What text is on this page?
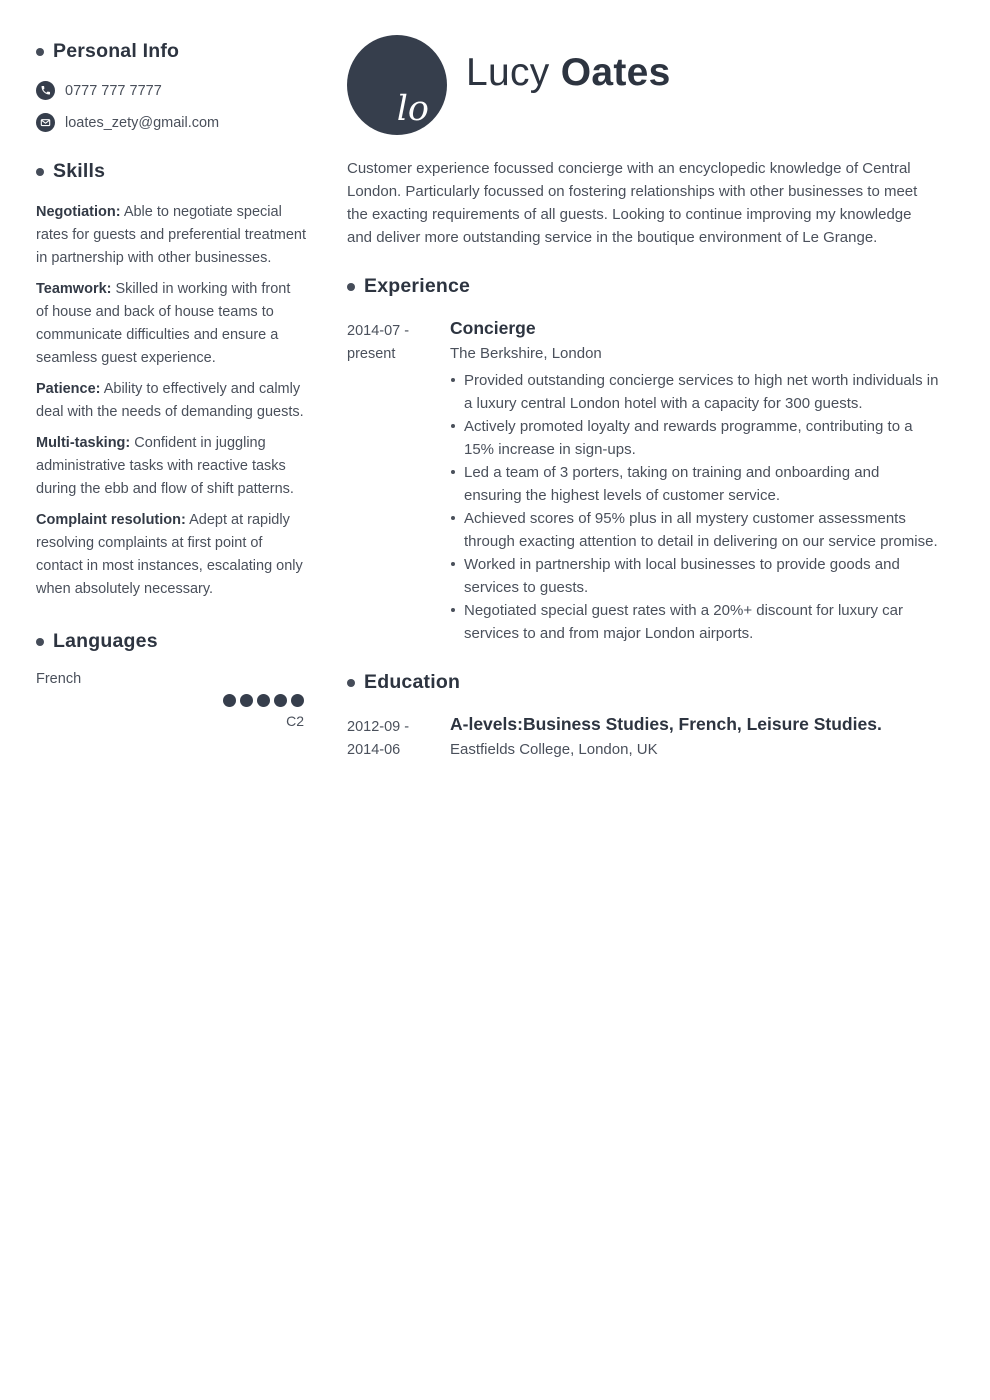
Personal Info
0777 777 7777
loates_zety@gmail.com
Skills

Negotiation: Able to negotiate special rates for guests and preferential treatment in partnership with other businesses.

Teamwork: Skilled in working with front of house and back of house teams to communicate difficulties and ensure a seamless guest experience.

Patience: Ability to effectively and calmly deal with the needs of demanding guests.

Multi-tasking: Confident in juggling administrative tasks with reactive tasks during the ebb and flow of shift patterns.

Complaint resolution: Adept at rapidly resolving complaints at first point of contact in most instances, escalating only when absolutely necessary.

Languages
French
C2
lo
Lucy Oates

Customer experience focussed concierge with an encyclopedic knowledge of Central London. Particularly focussed on fostering relationships with other businesses to meet the exacting requirements of all guests. Looking to continue improving my knowledge and deliver more outstanding service in the boutique environment of Le Grange.

Experience
2014-07 -
present
Concierge
The Berkshire, London
Provided outstanding concierge services to high net worth individuals in a luxury central London hotel with a capacity for 300 guests.
Actively promoted loyalty and rewards programme, contributing to a 15% increase in sign-ups.
Led a team of 3 porters, taking on training and onboarding and ensuring the highest levels of customer service.
Achieved scores of 95% plus in all mystery customer assessments through exacting attention to detail in delivering on our service promise.
Worked in partnership with local businesses to provide goods and services to guests.
Negotiated special guest rates with a 20%+ discount for luxury car services to and from major London airports.
Education
2012-09 -
2014-06
A-levels:Business Studies, French, Leisure Studies.
Eastfields College, London, UK
